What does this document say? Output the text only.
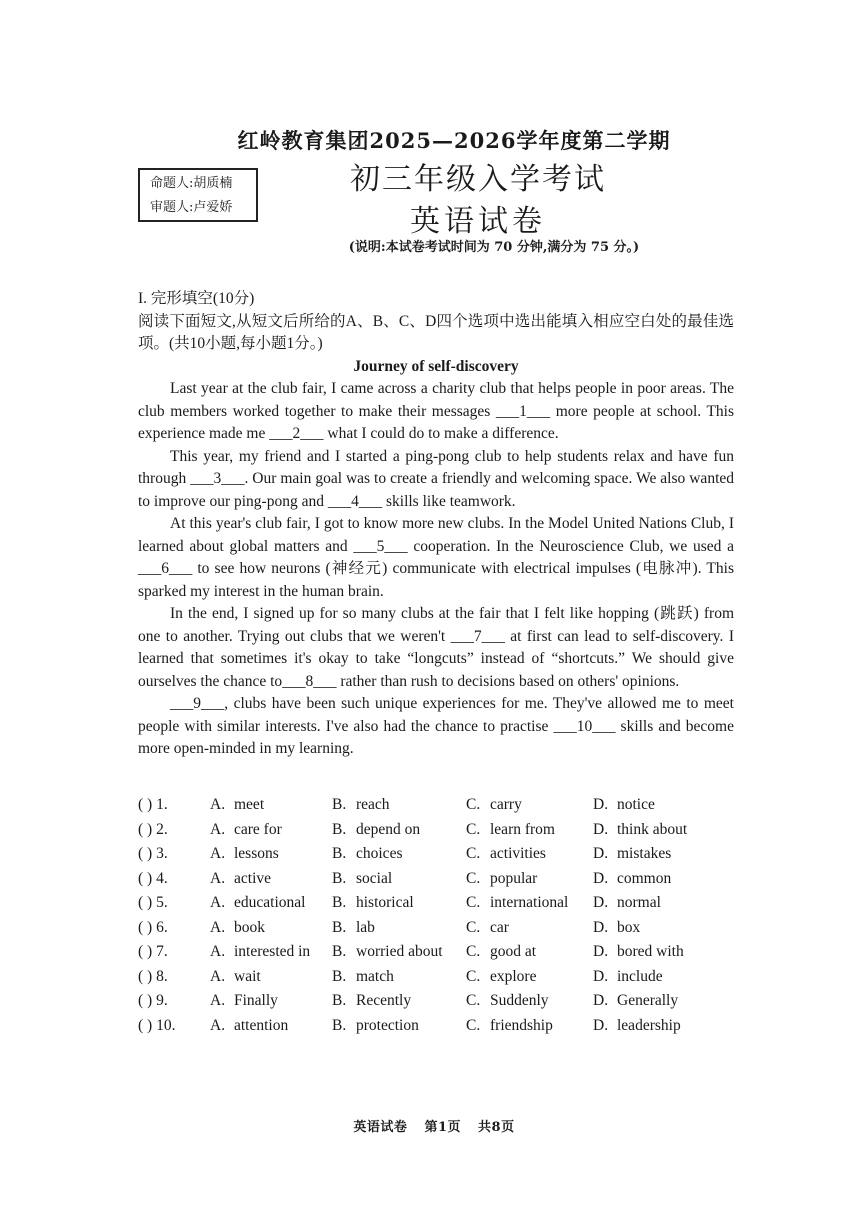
红岭教育集团2025—2026学年度第二学期
命题人:胡质楠
审题人:卢爱娇
初三年级入学考试
英语试卷
(说明:本试卷考试时间为 70 分钟,满分为 75 分。)

I. 完形填空(10分)

阅读下面短文,从短文后所给的A、B、C、D四个选项中选出能填入相应空白处的最佳选项。(共10小题,每小题1分。)

Journey of self-discovery

Last year at the club fair, I came across a charity club that helps people in poor areas. The club members worked together to make their messages ___1___ more people at school. This experience made me ___2___ what I could do to make a difference.

This year, my friend and I started a ping-pong club to help students relax and have fun through ___3___. Our main goal was to create a friendly and welcoming space. We also wanted to improve our ping-pong and ___4___ skills like teamwork.

At this year's club fair, I got to know more new clubs. In the Model United Nations Club, I learned about global matters and ___5___ cooperation. In the Neuroscience Club, we used a ___6___ to see how neurons (神经元) communicate with electrical impulses (电脉冲). This sparked my interest in the human brain.

In the end, I signed up for so many clubs at the fair that I felt like hopping (跳跃) from one to another. Trying out clubs that we weren't ___7___ at first can lead to self-discovery. I learned that sometimes it's okay to take “longcuts” instead of “shortcuts.” We should give ourselves the chance to___8___ rather than rush to decisions based on others' opinions.

___9___, clubs have been such unique experiences for me. They've allowed me to meet people with similar interests. I've also had the chance to practise ___10___ skills and become more open-minded in my learning.

( ) 1.	A. meet	B. reach	C. carry	D. notice
( ) 2.	A. care for	B. depend on	C. learn from D. think about
( ) 3.	A. lessons	B. choices	C. activities	D. mistakes
( ) 4.	A. active	B. social	C. popular	D. common
( ) 5.	A. educational B. historical	C. international D. normal
( ) 6.	A. book	B. lab	C. car	D. box
( ) 7.	A. interested in B. worried about C. good at	D. bored with
( ) 8.	A. wait	B. match	C. explore	D. include
( ) 9.	A. Finally	B. Recently	C. Suddenly	D. Generally
( ) 10. A. attention	B. protection	C. friendship	D. leadership
英语试卷 第1页 共8页
